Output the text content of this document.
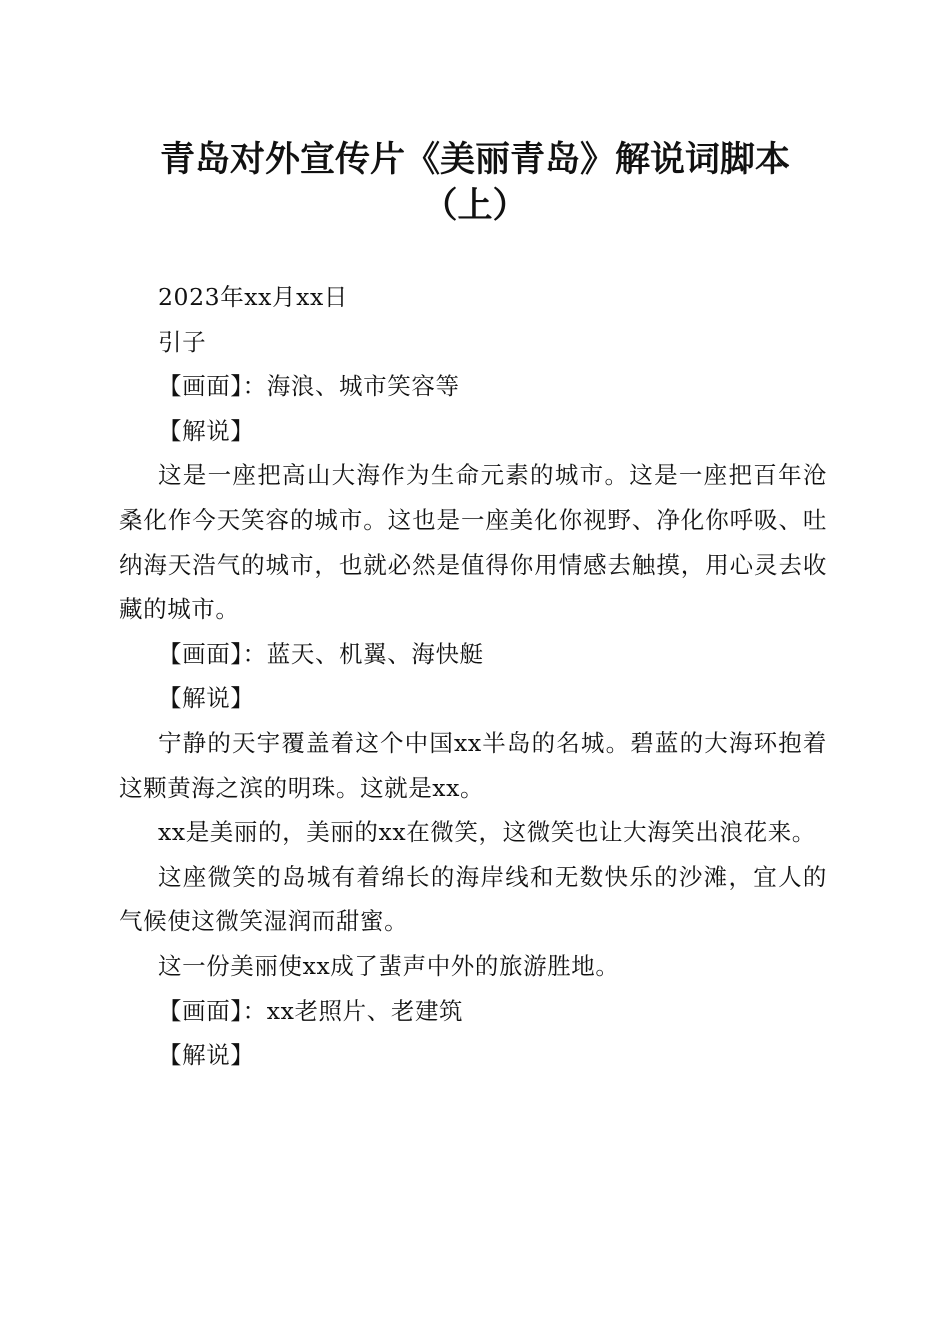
青岛对外宣传片《美丽青岛》解说词脚本
（上）

2023年xx月xx日

引子

【画面】：海浪、城市笑容等

【解说】

这是一座把高山大海作为生命元素的城市。这是一座把百年沧桑化作今天笑容的城市。这也是一座美化你视野、净化你呼吸、吐纳海天浩气的城市，也就必然是值得你用情感去触摸，用心灵去收藏的城市。

【画面】：蓝天、机翼、海快艇

【解说】

宁静的天宇覆盖着这个中国xx半岛的名城。碧蓝的大海环抱着这颗黄海之滨的明珠。这就是xx。

xx是美丽的，美丽的xx在微笑，这微笑也让大海笑出浪花来。

这座微笑的岛城有着绵长的海岸线和无数快乐的沙滩，宜人的气候使这微笑湿润而甜蜜。

这一份美丽使xx成了蜚声中外的旅游胜地。

【画面】：xx老照片、老建筑

【解说】
